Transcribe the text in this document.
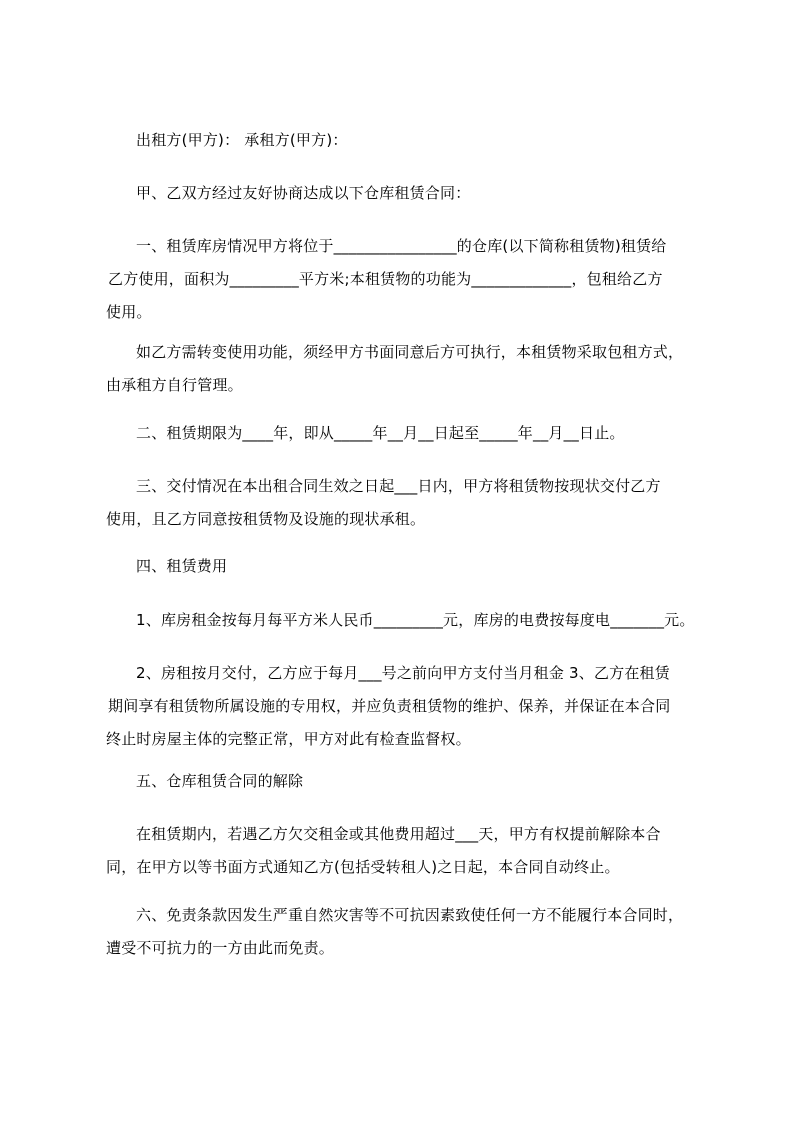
出租方(甲方)： 承租方(甲方)：
甲、乙双方经过友好协商达成以下仓库租赁合同：
一、租赁库房情况甲方将位于________________的仓库(以下简称租赁物)租赁给
乙方使用，面积为_________平方米;本租赁物的功能为_____________，包租给乙方
使用。
如乙方需转变使用功能，须经甲方书面同意后方可执行，本租赁物采取包租方式，
由承租方自行管理。
二、租赁期限为____年，即从_____年__月__日起至_____年__月__日止。
三、交付情况在本出租合同生效之日起___日内，甲方将租赁物按现状交付乙方
使用，且乙方同意按租赁物及设施的现状承租。
四、租赁费用
1、库房租金按每月每平方米人民币_________元，库房的电费按每度电_______元。
2、房租按月交付，乙方应于每月___号之前向甲方支付当月租金 3、乙方在租赁
期间享有租赁物所属设施的专用权，并应负责租赁物的维护、保养，并保证在本合同
终止时房屋主体的完整正常，甲方对此有检查监督权。
五、仓库租赁合同的解除
在租赁期内，若遇乙方欠交租金或其他费用超过___天，甲方有权提前解除本合
同，在甲方以等书面方式通知乙方(包括受转租人)之日起，本合同自动终止。
六、免责条款因发生严重自然灾害等不可抗因素致使任何一方不能履行本合同时，
遭受不可抗力的一方由此而免责。
